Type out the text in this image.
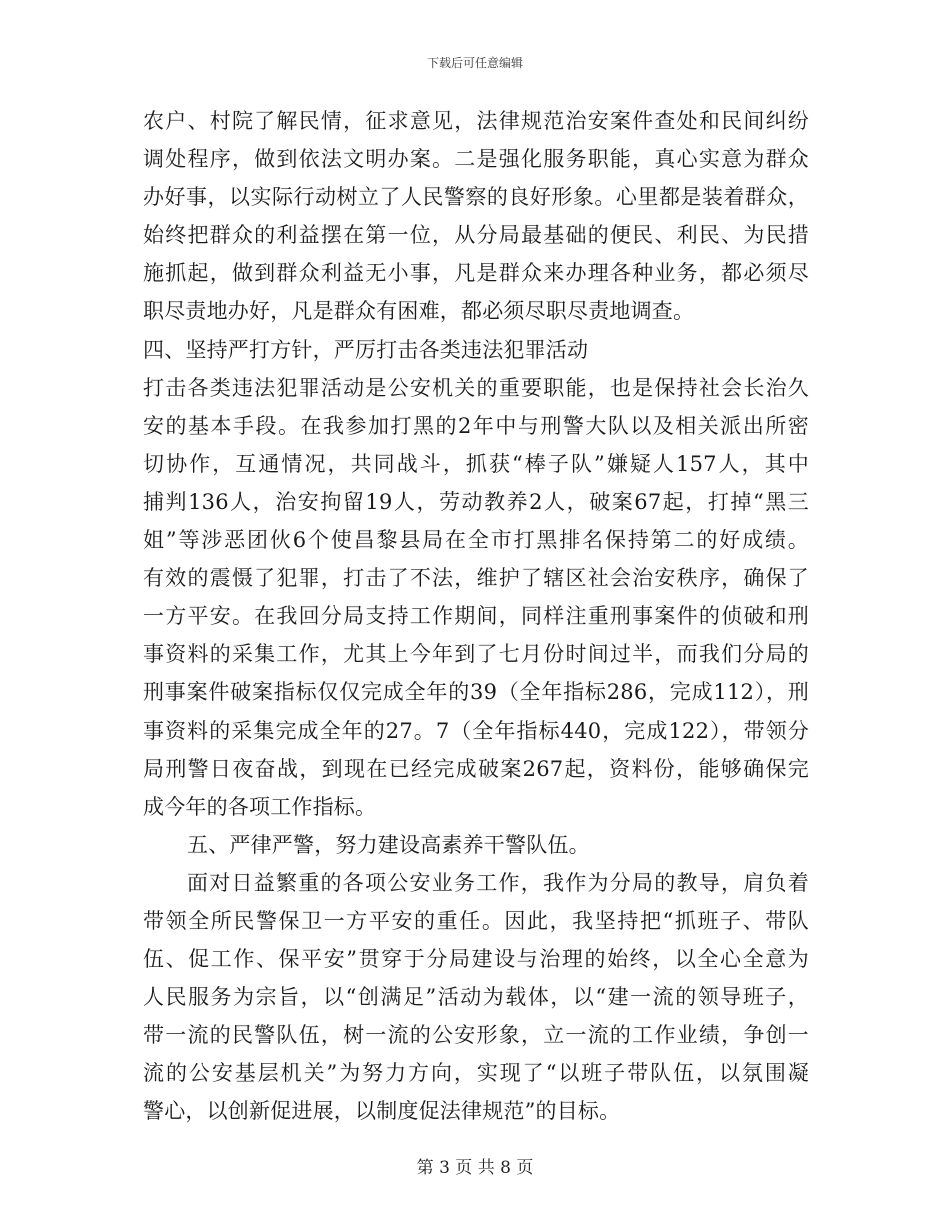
下载后可任意编辑
农户、村院了解民情，征求意见，法律规范治安案件查处和民间纠纷
调处程序，做到依法文明办案。二是强化服务职能，真心实意为群众
办好事，以实际行动树立了人民警察的良好形象。心里都是装着群众，
始终把群众的利益摆在第一位，从分局最基础的便民、利民、为民措
施抓起，做到群众利益无小事，凡是群众来办理各种业务，都必须尽
职尽责地办好，凡是群众有困难，都必须尽职尽责地调查。
四、坚持严打方针，严厉打击各类违法犯罪活动
打击各类违法犯罪活动是公安机关的重要职能，也是保持社会长治久
安的基本手段。在我参加打黑的2年中与刑警大队以及相关派出所密
切协作，互通情况，共同战斗，抓获“棒子队”嫌疑人157人，其中
捕判136人，治安拘留19人，劳动教养2人，破案67起，打掉“黑三
姐”等涉恶团伙6个使昌黎县局在全市打黑排名保持第二的好成绩。
有效的震慑了犯罪，打击了不法，维护了辖区社会治安秩序，确保了
一方平安。在我回分局支持工作期间，同样注重刑事案件的侦破和刑
事资料的采集工作，尤其上今年到了七月份时间过半，而我们分局的
刑事案件破案指标仅仅完成全年的39（全年指标286，完成112），刑
事资料的采集完成全年的27。7（全年指标440，完成122），带领分
局刑警日夜奋战，到现在已经完成破案267起，资料份，能够确保完
成今年的各项工作指标。
五、严律严警，努力建设高素养干警队伍。
面对日益繁重的各项公安业务工作，我作为分局的教导，肩负着
带领全所民警保卫一方平安的重任。因此，我坚持把“抓班子、带队
伍、促工作、保平安”贯穿于分局建设与治理的始终，以全心全意为
人民服务为宗旨，以“创满足”活动为载体，以“建一流的领导班子，
带一流的民警队伍，树一流的公安形象，立一流的工作业绩，争创一
流的公安基层机关”为努力方向，实现了“以班子带队伍，以氛围凝
警心，以创新促进展，以制度促法律规范”的目标。
第 3 页 共 8 页
